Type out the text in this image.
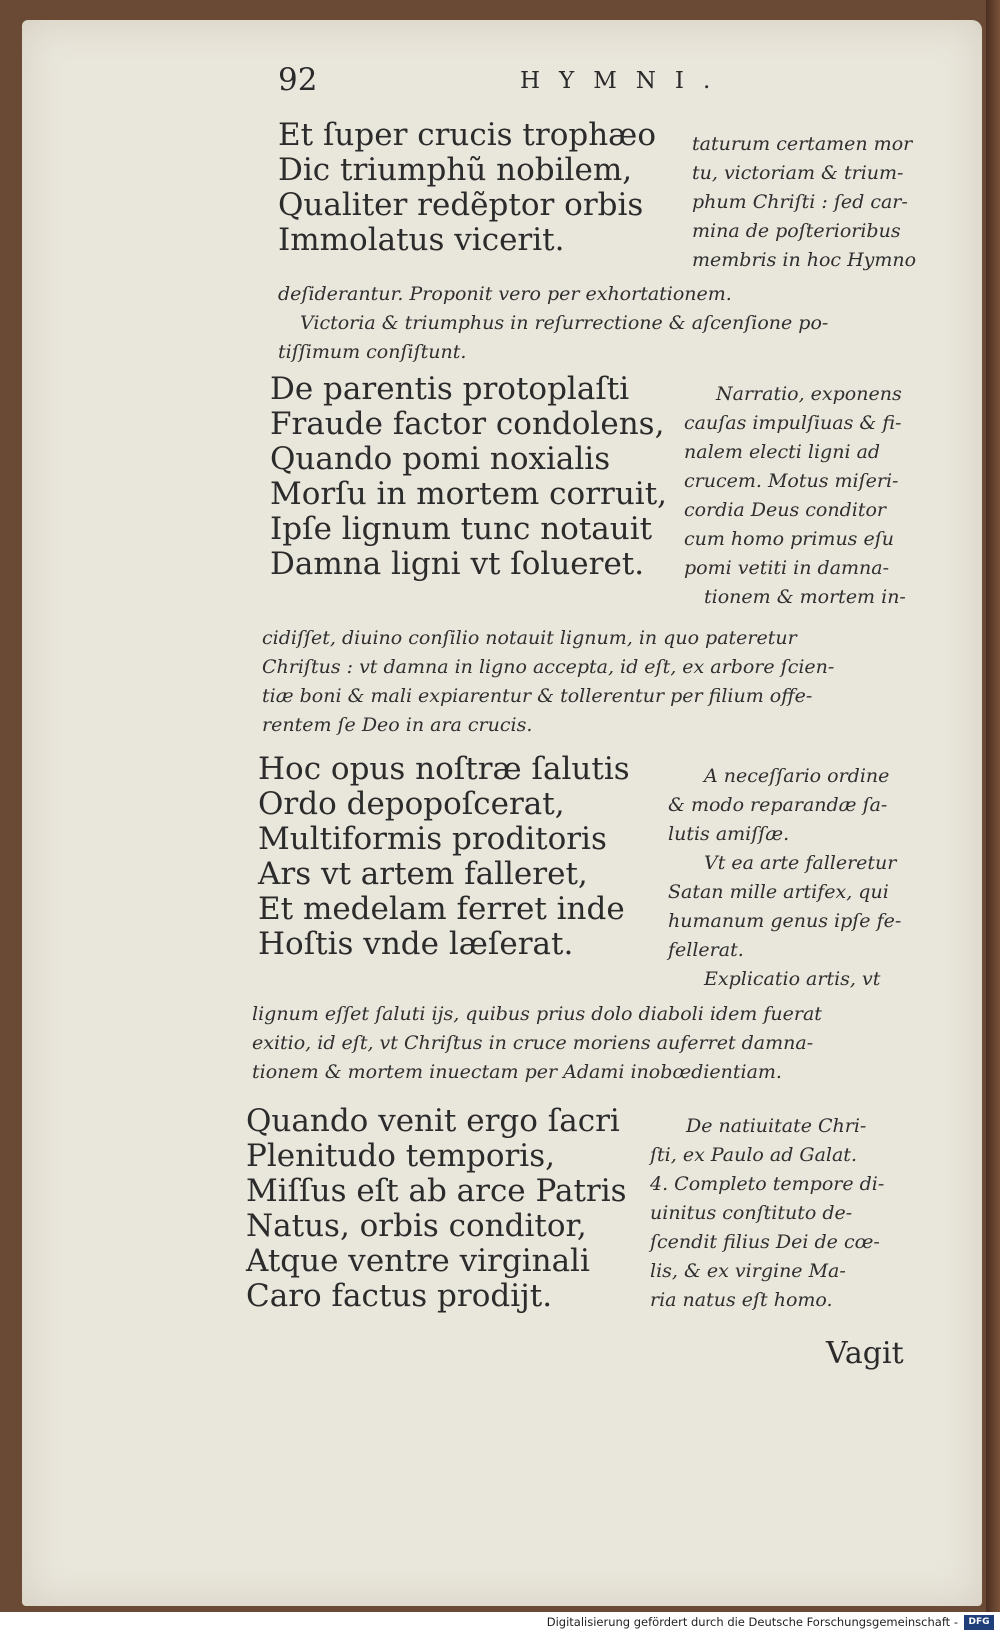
92	HYMNI.
Et ſuper crucis trophæo
Dic triumphũ nobilem,
Qualiter redẽptor orbis
Immolatus vicerit.
taturum certamen mor
tu, victoriam & trium-
phum Chriſti : ſed car-
mina de poſterioribus
membris in hoc Hymno
deſiderantur. Proponit vero per exhortationem.
Victoria & triumphus in reſurrectione & aſcenſione po-
tiſſimum conſiſtunt.
De parentis protoplaſti
Fraude factor condolens,
Quando pomi noxialis
Morſu in mortem corruit,
Ipſe lignum tunc notauit
Damna ligni vt ſolueret.
Narratio, exponens
cauſas impulſiuas & fi-
nalem electi ligni ad
crucem. Motus miſeri-
cordia Deus conditor
cum homo primus eſu
pomi vetiti in damna-
tionem & mortem in-
cidiſſet, diuino conſilio notauit lignum, in quo pateretur
Chriſtus : vt damna in ligno accepta, id eſt, ex arbore ſcien-
tiæ boni & mali expiarentur & tollerentur per filium offe-
rentem ſe Deo in ara crucis.
Hoc opus noſtræ ſalutis
Ordo depopoſcerat,
Multiformis proditoris
Ars vt artem falleret,
Et medelam ferret inde
Hoſtis vnde læſerat.
A neceſſario ordine
& modo reparandæ ſa-
lutis amiſſæ.
Vt ea arte falleretur
Satan mille artifex, qui
humanum genus ipſe fe-
fellerat.
Explicatio artis, vt
lignum eſſet ſaluti ijs, quibus prius dolo diaboli idem fuerat
exitio, id eſt, vt Chriſtus in cruce moriens auferret damna-
tionem & mortem inuectam per Adami inobœdientiam.
Quando venit ergo ſacri
Plenitudo temporis,
Miſſus eſt ab arce Patris
Natus, orbis conditor,
Atque ventre virginali
Caro factus prodijt.
De natiuitate Chri-
ſti, ex Paulo ad Galat.
4. Completo tempore di-
uinitus conſtituto de-
ſcendit filius Dei de cœ-
lis, & ex virgine Ma-
ria natus eſt homo.
Vagit
Digitalisierung gefördert durch die Deutsche Forschungsgemeinschaft -	DFG
